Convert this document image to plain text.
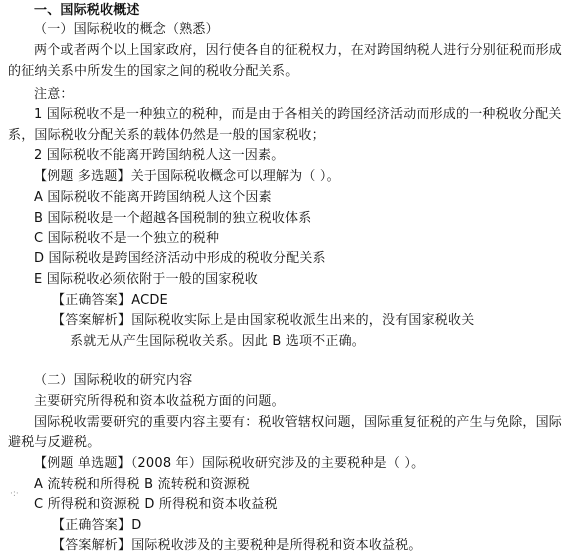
一、国际税收概述
（一）国际税收的概念（熟悉）
两个或者两个以上国家政府，因行使各自的征税权力，在对跨国纳税人进行分别征税而形成
的征纳关系中所发生的国家之间的税收分配关系。
注意：
1 国际税收不是一种独立的税种，而是由于各相关的跨国经济活动而形成的一种税收分配关
系，国际税收分配关系的载体仍然是一般的国家税收；
2 国际税收不能离开跨国纳税人这一因素。
【例题 多选题】关于国际税收概念可以理解为（ ）。
A 国际税收不能离开跨国纳税人这个因素
B 国际税收是一个超越各国税制的独立税收体系
C 国际税收不是一个独立的税种
D 国际税收是跨国经济活动中形成的税收分配关系
E 国际税收必须依附于一般的国家税收
【正确答案】ACDE
【答案解析】国际税收实际上是由国家税收派生出来的，没有国家税收关
系就无从产生国际税收关系。因此 B 选项不正确。
（二）国际税收的研究内容
主要研究所得税和资本收益税方面的问题。
国际税收需要研究的重要内容主要有：税收管辖权问题，国际重复征税的产生与免除，国际
避税与反避税。
【例题 单选题】（2008 年）国际税收研究涉及的主要税种是（ ）。
A 流转税和所得税 B 流转税和资源税
C 所得税和资源税 D 所得税和资本收益税
【正确答案】D
【答案解析】国际税收涉及的主要税种是所得税和资本收益税。
·:·
